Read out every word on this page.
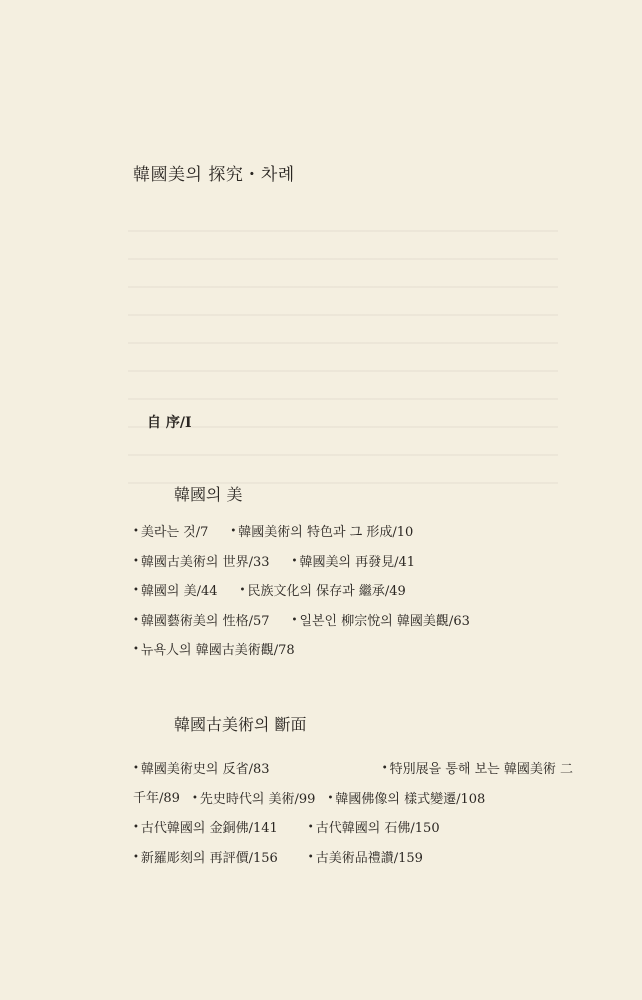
韓國美의 探究・차례
自 序/I
韓國의 美
• 美라는 것/7 • 韓國美術의 特色과 그 形成/10
• 韓國古美術의 世界/33 • 韓國美의 再發見/41
• 韓國의 美/44 • 民族文化의 保存과 繼承/49
• 韓國藝術美의 性格/57 • 일본인 柳宗悅의 韓國美觀/63
• 뉴욕人의 韓國古美術觀/78
韓國古美術의 斷面
• 韓國美術史의 反省/83	• 特別展을 통해 보는 韓國美術 二
千年/89 • 先史時代의 美術/99 • 韓國佛像의 樣式變遷/108
• 古代韓國의 金銅佛/141	• 古代韓國의 石佛/150
• 新羅彫刻의 再評價/156	• 古美術品禮讚/159
